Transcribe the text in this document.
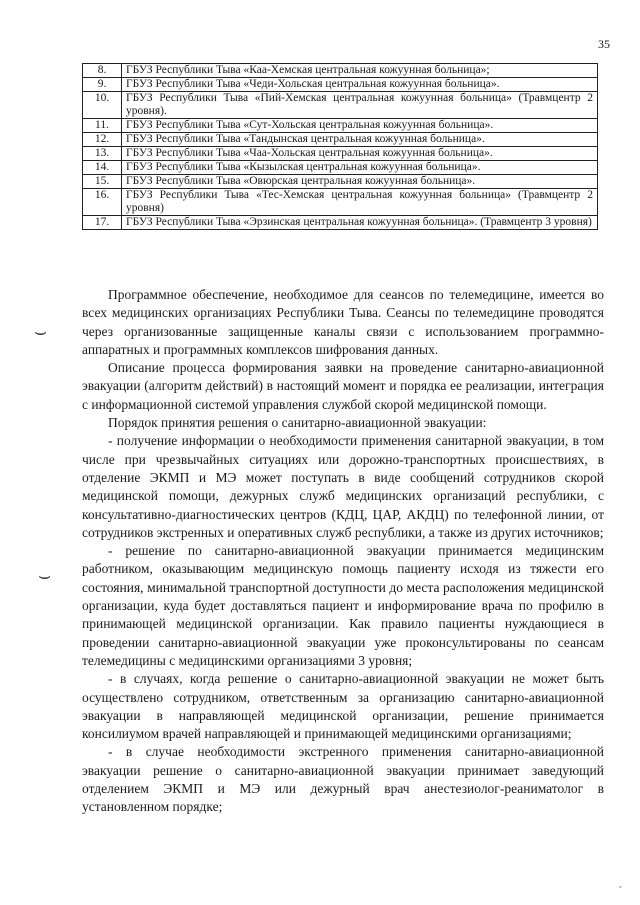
35
8.	ГБУЗ Республики Тыва «Каа-Хемская центральная кожуунная больница»;
9.	ГБУЗ Республики Тыва «Чеди-Хольская центральная кожуунная больница».
10.	ГБУЗ Республики Тыва «Пий-Хемская центральная кожуунная больница» (Травмцентр 2 уровня).
11.	ГБУЗ Республики Тыва «Сут-Хольская центральная кожуунная больница».
12.	ГБУЗ Республики Тыва «Тандынская центральная кожуунная больница».
13.	ГБУЗ Республики Тыва «Чаа-Хольская центральная кожуунная больница».
14.	ГБУЗ Республики Тыва «Кызылская центральная кожуунная больница».
15.	ГБУЗ Республики Тыва «Овюрская центральная кожуунная больница».
16.	ГБУЗ Республики Тыва «Тес-Хемская центральная кожуунная больница» (Травмцентр 2 уровня)
17.	ГБУЗ Республики Тыва «Эрзинская центральная кожуунная больница». (Травмцентр 3 уровня)

Программное обеспечение, необходимое для сеансов по телемедицине, имеется во всех медицинских организациях Республики Тыва. Сеансы по телемедицине проводятся через организованные защищенные каналы связи с использованием программно-аппаратных и программных комплексов шифрования данных.

Описание процесса формирования заявки на проведение санитарно-авиационной эвакуации (алгоритм действий) в настоящий момент и порядка ее реализации, интеграция с информационной системой управления службой скорой медицинской помощи.

Порядок принятия решения о санитарно-авиационной эвакуации:

- получение информации о необходимости применения санитарной эвакуации, в том числе при чрезвычайных ситуациях или дорожно-транспортных происшествиях, в отделение ЭКМП и МЭ может поступать в виде сообщений сотрудников скорой медицинской помощи, дежурных служб медицинских организаций республики, с консультативно-диагностических центров (КДЦ, ЦАР, АКДЦ) по телефонной линии, от сотрудников экстренных и оперативных служб республики, а также из других источников;

- решение по санитарно-авиационной эвакуации принимается медицинским работником, оказывающим медицинскую помощь пациенту исходя из тяжести его состояния, минимальной транспортной доступности до места расположения медицинской организации, куда будет доставляться пациент и информирование врача по профилю в принимающей медицинской организации. Как правило пациенты нуждающиеся в проведении санитарно-авиационной эвакуации уже проконсультированы по сеансам телемедицины с медицинскими организациями 3 уровня;

- в случаях, когда решение о санитарно-авиационной эвакуации не может быть осуществлено сотрудником, ответственным за организацию санитарно-авиационной эвакуации в направляющей медицинской организации, решение принимается консилиумом врачей направляющей и принимающей медицинскими организациями;

- в случае необходимости экстренного применения санитарно-авиационной эвакуации решение о санитарно-авиационной эвакуации принимает заведующий отделением ЭКМП и МЭ или дежурный врач анестезиолог-реаниматолог в установленном порядке;

⌣
⌣
ˇ
